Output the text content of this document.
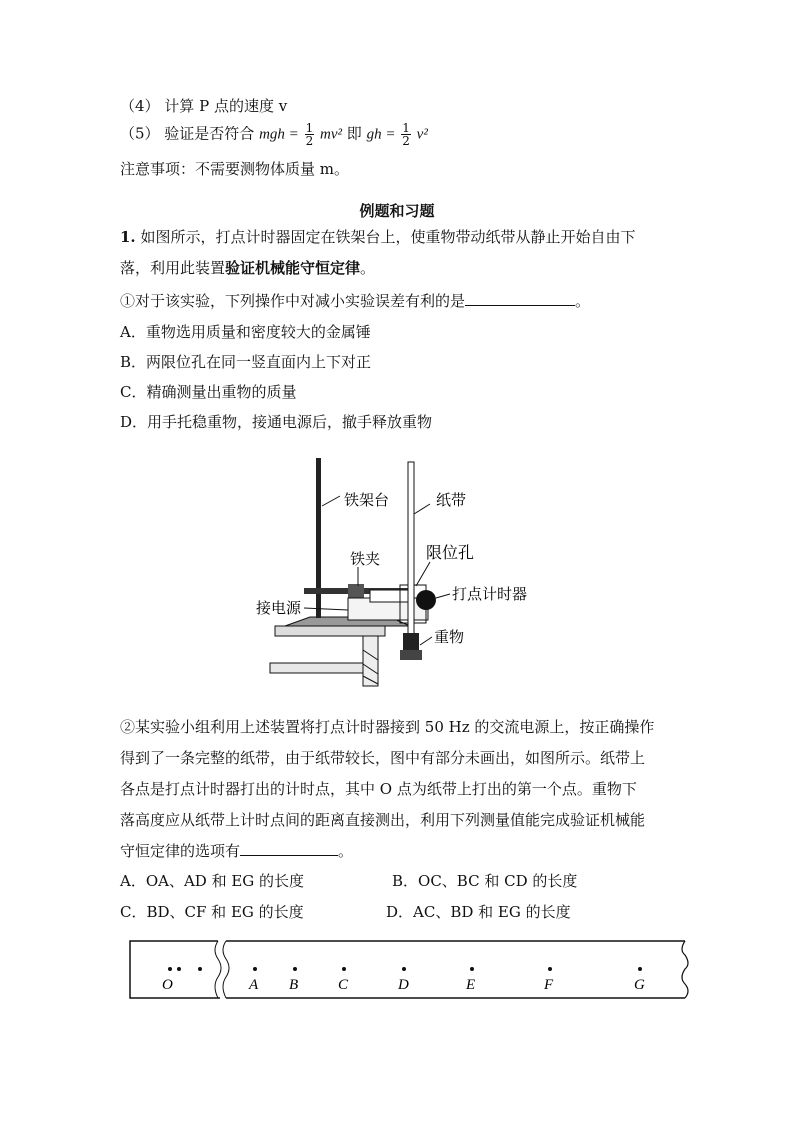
（4） 计算 P 点的速度 v
（5） 验证是否符合 mgh = $\frac{1}{2} mv^2$ 即 gh = $\frac{1}{2} v^2$
注意事项：不需要测物体质量 m。
例题和习题
1. 如图所示，打点计时器固定在铁架台上，使重物带动纸带从静止开始自由下
落，利用此装置验证机械能守恒定律。
①对于该实验，下列操作中对减小实验误差有利的是	。
A．重物选用质量和密度较大的金属锤
B．两限位孔在同一竖直面内上下对正
C．精确测量出重物的质量
D．用手托稳重物，接通电源后，撤手释放重物
铁架台	纸带
铁夹	限位孔
打点计时器
接电源
重物
②某实验小组利用上述装置将打点计时器接到 50 Hz 的交流电源上，按正确操作
得到了一条完整的纸带，由于纸带较长，图中有部分未画出，如图所示。纸带上
各点是打点计时器打出的计时点，其中 O 点为纸带上打出的第一个点。重物下
落高度应从纸带上计时点间的距离直接测出，利用下列测量值能完成验证机械能
守恒定律的选项有	。
A．OA、AD 和 EG 的长度	B．OC、BC 和 CD 的长度
C．BD、CF 和 EG 的长度	D．AC、BD 和 EG 的长度
O	A B	C	D	E	F	G
